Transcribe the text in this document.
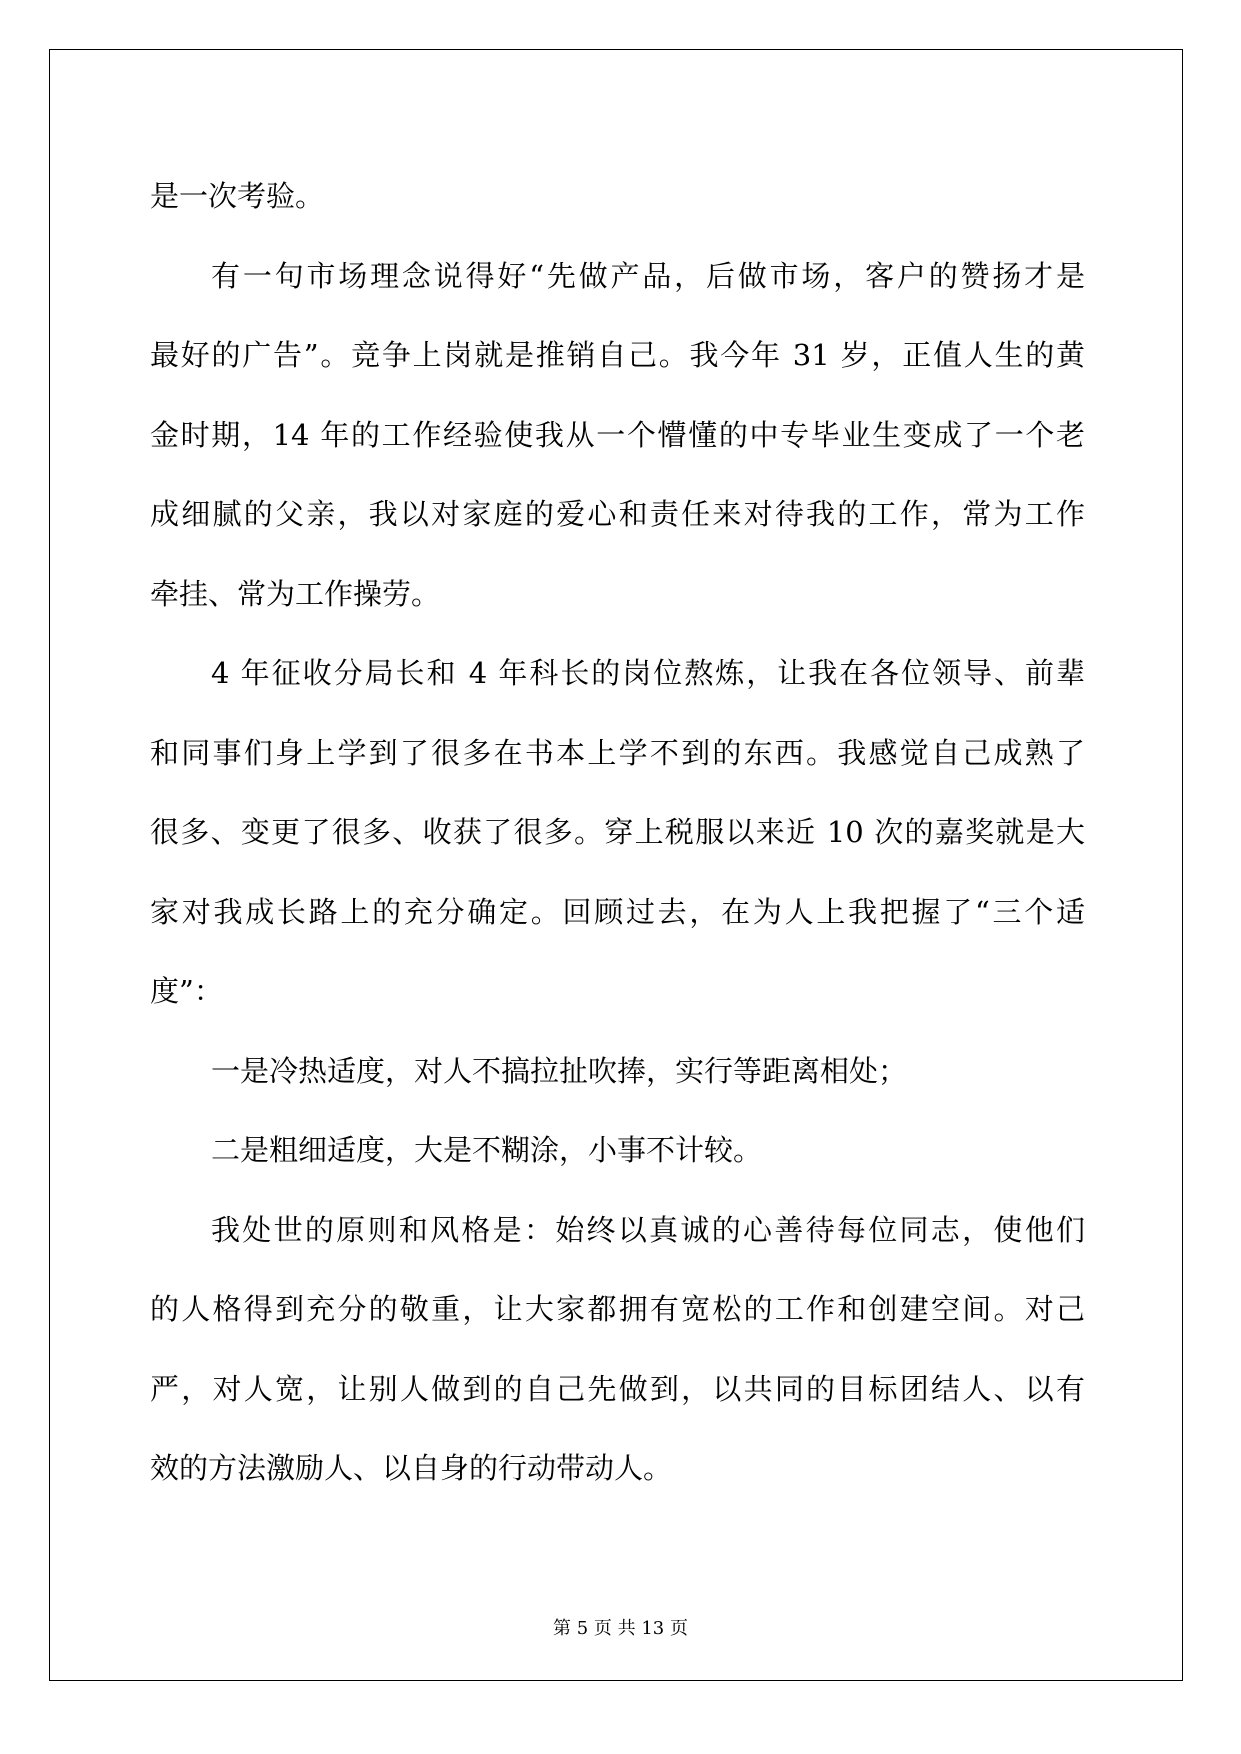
是一次考验。

有一句市场理念说得好“先做产品，后做市场，客户的赞扬才是

最好的广告”。竞争上岗就是推销自己。我今年 31 岁，正值人生的黄

金时期，14 年的工作经验使我从一个懵懂的中专毕业生变成了一个老

成细腻的父亲，我以对家庭的爱心和责任来对待我的工作，常为工作

牵挂、常为工作操劳。

4 年征收分局长和 4 年科长的岗位熬炼，让我在各位领导、前辈

和同事们身上学到了很多在书本上学不到的东西。我感觉自己成熟了

很多、变更了很多、收获了很多。穿上税服以来近 10 次的嘉奖就是大

家对我成长路上的充分确定。回顾过去，在为人上我把握了“三个适

度”：

一是冷热适度，对人不搞拉扯吹捧，实行等距离相处；

二是粗细适度，大是不糊涂，小事不计较。

我处世的原则和风格是：始终以真诚的心善待每位同志，使他们

的人格得到充分的敬重，让大家都拥有宽松的工作和创建空间。对己

严，对人宽，让别人做到的自己先做到，以共同的目标团结人、以有

效的方法激励人、以自身的行动带动人。

第 5 页 共 13 页
